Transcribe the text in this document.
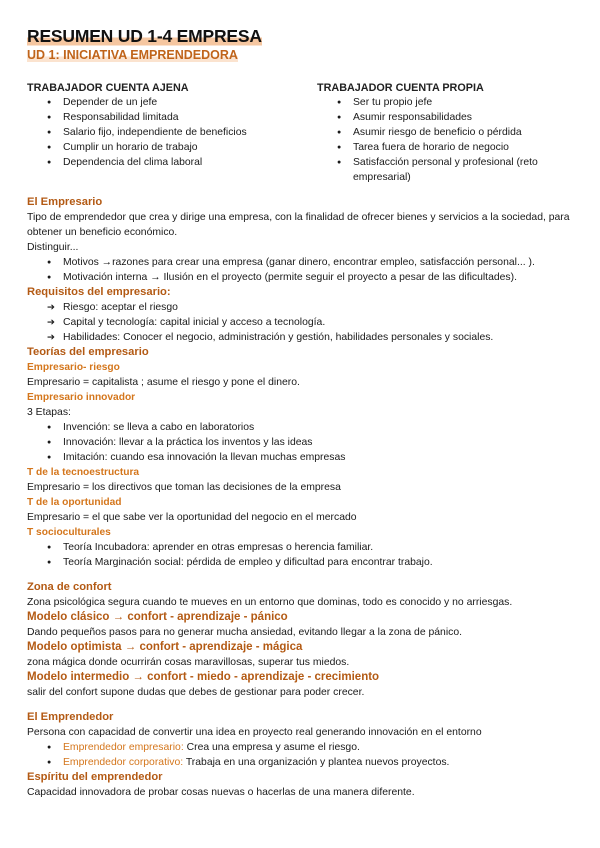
RESUMEN UD 1-4 EMPRESA
UD 1: INICIATIVA EMPRENDEDORA
TRABAJADOR CUENTA AJENA
● Depender de un jefe
● Responsabilidad limitada
● Salario fijo, independiente de beneficios
● Cumplir un horario de trabajo
● Dependencia del clima laboral
TRABAJADOR CUENTA PROPIA
● Ser tu propio jefe
● Asumir responsabilidades
● Asumir riesgo de beneficio o pérdida
● Tarea fuera de horario de negocio
● Satisfacción personal y profesional (reto empresarial)
El Empresario
Tipo de emprendedor que crea y dirige una empresa, con la finalidad de ofrecer bienes y servicios a la sociedad, para obtener un beneficio económico.
Distinguir...
● Motivos →razones para crear una empresa (ganar dinero, encontrar empleo, satisfacción personal... ).
● Motivación interna → Ilusión en el proyecto (permite seguir el proyecto a pesar de las dificultades).
Requisitos del empresario:
➔ Riesgo: aceptar el riesgo
➔ Capital y tecnología: capital inicial y acceso a tecnología.
➔ Habilidades: Conocer el negocio, administración y gestión, habilidades personales y sociales.
Teorías del empresario
Empresario- riesgo
Empresario = capitalista ; asume el riesgo y pone el dinero.
Empresario innovador
3 Etapas:
● Invención: se lleva a cabo en laboratorios
● Innovación: llevar a la práctica los inventos y las ideas
● Imitación: cuando esa innovación la llevan muchas empresas
T de la tecnoestructura
Empresario = los directivos que toman las decisiones de la empresa
T de la oportunidad
Empresario = el que sabe ver la oportunidad del negocio en el mercado
T socioculturales
● Teoría Incubadora: aprender en otras empresas o herencia familiar.
● Teoría Marginación social: pérdida de empleo y dificultad para encontrar trabajo.
Zona de confort
Zona psicológica segura cuando te mueves en un entorno que dominas, todo es conocido y no arriesgas.
Modelo clásico → confort - aprendizaje - pánico
Dando pequeños pasos para no generar mucha ansiedad, evitando llegar a la zona de pánico.
Modelo optimista → confort - aprendizaje - mágica
zona mágica donde ocurrirán cosas maravillosas, superar tus miedos.
Modelo intermedio → confort - miedo - aprendizaje - crecimiento
salir del confort supone dudas que debes de gestionar para poder crecer.
El Emprendedor
Persona con capacidad de convertir una idea en proyecto real generando innovación en el entorno
● Emprendedor empresario: Crea una empresa y asume el riesgo.
● Emprendedor corporativo: Trabaja en una organización y plantea nuevos proyectos.
Espíritu del emprendedor
Capacidad innovadora de probar cosas nuevas o hacerlas de una manera diferente.
